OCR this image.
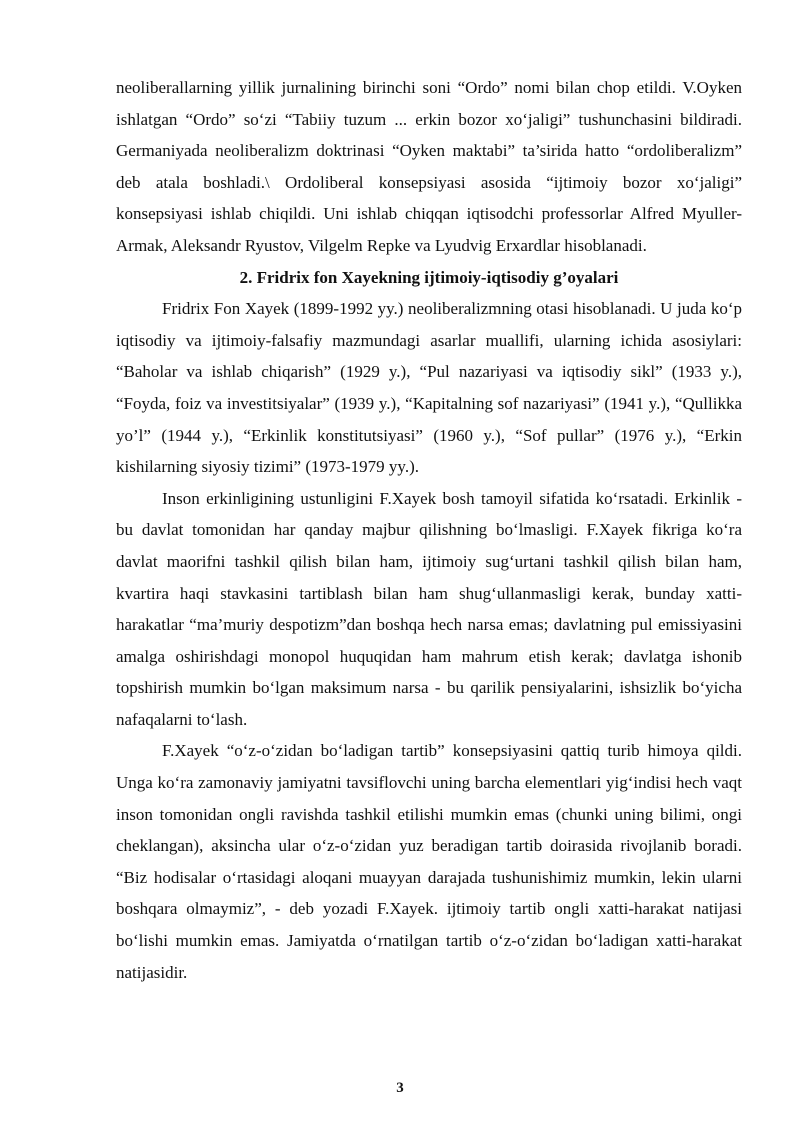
neoliberallarning yillik jurnalining birinchi soni “Ordo” nomi bilan chop etildi. V.Oyken ishlatgan “Ordo” so‘zi “Tabiiy tuzum ... erkin bozor xo‘jaligi” tushunchasini bildiradi. Germaniyada neoliberalizm doktrinasi “Oyken maktabi” ta’sirida hatto “ordoliberalizm” deb atala boshladi.\ Ordoliberal konsepsiyasi asosida “ijtimoiy bozor xo‘jaligi” konsepsiyasi ishlab chiqildi. Uni ishlab chiqqan iqtisodchi professorlar Alfred Myuller-Armak, Aleksandr Ryustov, Vilgelm Repke va Lyudvig Erxardlar hisoblanadi.

2. Fridrix fon Xayekning ijtimoiy-iqtisodiy g’oyalari

Fridrix Fon Xayek (1899-1992 yy.) neoliberalizmning otasi hisoblanadi. U juda ko‘p iqtisodiy va ijtimoiy-falsafiy mazmundagi asarlar muallifi, ularning ichida asosiylari: “Baholar va ishlab chiqarish” (1929 y.), “Pul nazariyasi va iqtisodiy sikl” (1933 y.), “Foyda, foiz va investitsiyalar” (1939 y.), “Kapitalning sof nazariyasi” (1941 y.), “Qullikka yo’l” (1944 y.), “Erkinlik konstitutsiyasi” (1960 y.), “Sof pullar” (1976 y.), “Erkin kishilarning siyosiy tizimi” (1973-1979 yy.).

Inson erkinligining ustunligini F.Xayek bosh tamoyil sifatida ko‘rsatadi. Erkinlik - bu davlat tomonidan har qanday majbur qilishning bo‘lmasligi. F.Xayek fikriga ko‘ra davlat maorifni tashkil qilish bilan ham, ijtimoiy sug‘urtani tashkil qilish bilan ham, kvartira haqi stavkasini tartiblash bilan ham shug‘ullanmasligi kerak, bunday xatti-harakatlar “ma’muriy despotizm”dan boshqa hech narsa emas; davlatning pul emissiyasini amalga oshirishdagi monopol huquqidan ham mahrum etish kerak; davlatga ishonib topshirish mumkin bo‘lgan maksimum narsa - bu qarilik pensiyalarini, ishsizlik bo‘yicha nafaqalarni to‘lash.

F.Xayek “o‘z-o‘zidan bo‘ladigan tartib” konsepsiyasini qattiq turib himoya qildi. Unga ko‘ra zamonaviy jamiyatni tavsiflovchi uning barcha elementlari yig‘indisi hech vaqt inson tomonidan ongli ravishda tashkil etilishi mumkin emas (chunki uning bilimi, ongi cheklangan), aksincha ular o‘z-o‘zidan yuz beradigan tartib doirasida rivojlanib boradi. “Biz hodisalar o‘rtasidagi aloqani muayyan darajada tushunishimiz mumkin, lekin ularni boshqara olmaymiz”, - deb yozadi F.Xayek. ijtimoiy tartib ongli xatti-harakat natijasi bo‘lishi mumkin emas. Jamiyatda o‘rnatilgan tartib o‘z-o‘zidan bo‘ladigan xatti-harakat natijasidir.

3
